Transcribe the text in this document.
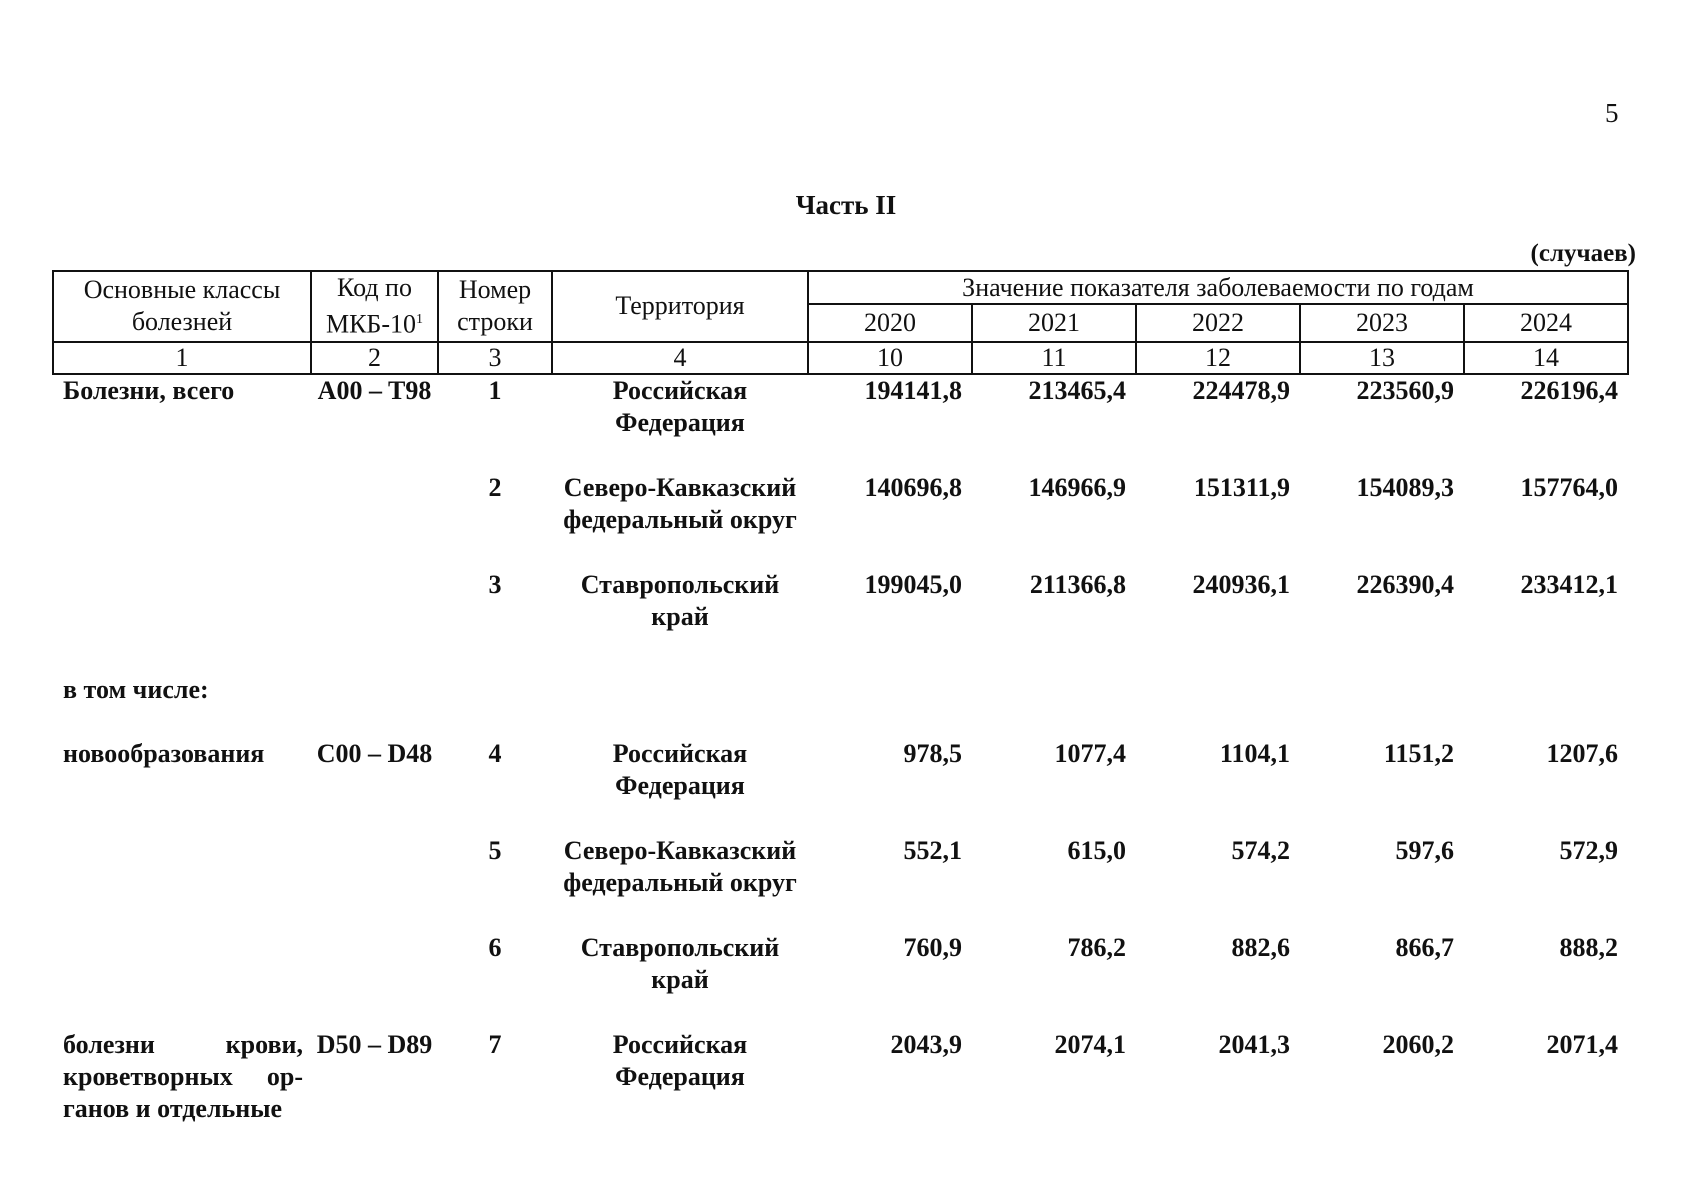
5
Часть II
(случаев)
Основные классы болезней	Код по МКБ-$10^1$	Номер строки	Территория	Значение показателя заболеваемости по годам				
				2020	2021	2022	2023	2024
1	2	3	4	10	11	12	13	14
Болезни, всего	A00 – T98	1	Российская Федерация	194141,8	213465,4	224478,9	223560,9	226196,4
		2	Северо-Кавказский федеральный округ	140696,8	146966,9	151311,9	154089,3	157764,0
		3	Ставропольский край	199045,0	211366,8	240936,1	226390,4	233412,1
в том числе:								
новообразования	C00 – D48	4	Российская Федерация	978,5	1077,4	1104,1	1151,2	1207,6
		5	Северо-Кавказский федеральный округ	552,1	615,0	574,2	597,6	572,9
		6	Ставропольский край	760,9	786,2	882,6	866,7	888,2
болезни крови, кроветворных ор-ганов и отдельные	D50 – D89	7	Российская Федерация	2043,9	2074,1	2041,3	2060,2	2071,4
